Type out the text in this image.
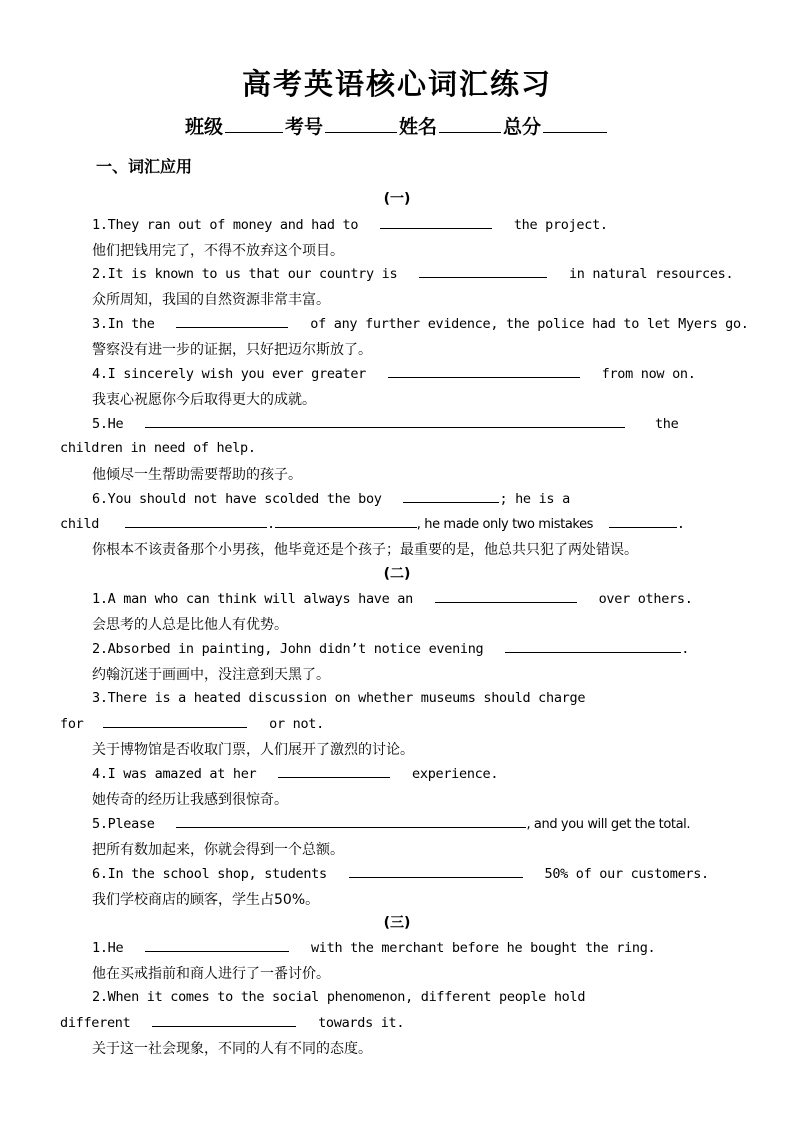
高考英语核心词汇练习
班级	考号	姓名	总分
一、词汇应用
(一)
1.They ran out of money and had to	the project.
他们把钱用完了，不得不放弃这个项目。
2.It is known to us that our country is	in natural resources.
众所周知，我国的自然资源非常丰富。
3.In the	of any further evidence, the police had to let Myers go.
警察没有进一步的证据，只好把迈尔斯放了。
4.I sincerely wish you ever greater	from now on.
我衷心祝愿你今后取得更大的成就。
5.He	the
children in need of help.
他倾尽一生帮助需要帮助的孩子。
6.You should not have scolded the boy	; he is a
child	.	, he made only two mistakes	.
你根本不该责备那个小男孩，他毕竟还是个孩子；最重要的是，他总共只犯了两处错误。
(二)
1.A man who can think will always have an	over others.
会思考的人总是比他人有优势。
2.Absorbed in painting, John didn’t notice evening	.
约翰沉迷于画画中，没注意到天黑了。
3.There is a heated discussion on whether museums should charge
for	or not.
关于博物馆是否收取门票，人们展开了激烈的讨论。
4.I was amazed at her	experience.
她传奇的经历让我感到很惊奇。
5.Please	, and you will get the total.
把所有数加起来，你就会得到一个总额。
6.In the school shop, students	50% of our customers.
我们学校商店的顾客，学生占50%。
(三)
1.He	with the merchant before he bought the ring.
他在买戒指前和商人进行了一番讨价。
2.When it comes to the social phenomenon, different people hold
different	towards it.
关于这一社会现象，不同的人有不同的态度。
